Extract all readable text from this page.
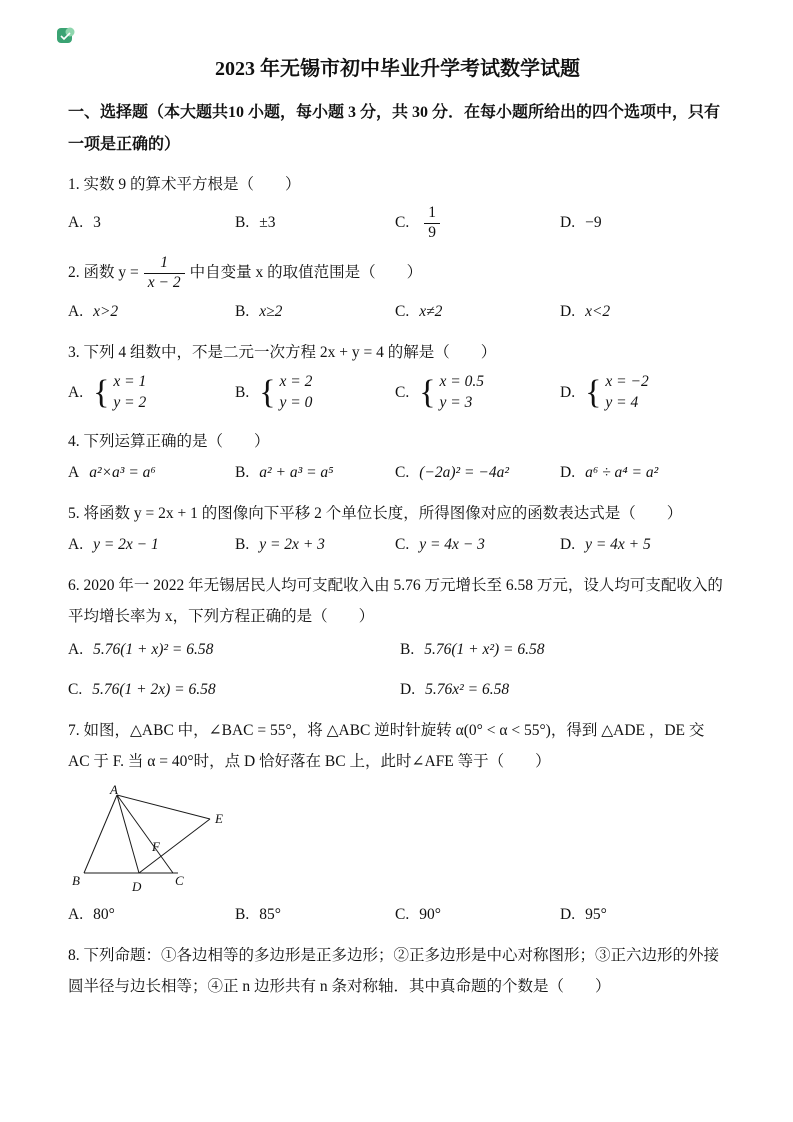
2023 年无锡市初中毕业升学考试数学试题

一、选择题（本大题共10 小题，每小题 3 分，共 30 分．在每小题所给出的四个选项中，只有一项是正确的）

1. 实数 9 的算术平方根是（　　）

A. 3	B. ±3	C. $\frac{1}{9}$	D. −9

2. 函数 $y = \frac{1}{x - 2}$ 中自变量 x 的取值范围是（　　）

A. x>2	B. x≥2	C. x≠2	D. x<2

3. 下列 4 组数中，不是二元一次方程 2x + y = 4 的解是（　　）

A. { x = 1
y = 2
B. { x = 2
y = 0
C. { x = 0.5
y = 3
D. { x = −2
y = 4

4. 下列运算正确的是（　　）

A a²×a³ = a⁶	B. a² + a³ = a⁵	C. (−2a)² = −4a²	D. a⁶ ÷ a⁴ = a²

5. 将函数 y = 2x + 1 的图像向下平移 2 个单位长度，所得图像对应的函数表达式是（　　）

A. y = 2x − 1	B. y = 2x + 3	C. y = 4x − 3	D. y = 4x + 5

6. 2020 年一 2022 年无锡居民人均可支配收入由 5.76 万元增长至 6.58 万元，设人均可支配收入的平均增长率为 x，下列方程正确的是（　　）

A. 5.76(1 + x)² = 6.58	B. 5.76(1 + x²) = 6.58
C. 5.76(1 + 2x) = 6.58	D. 5.76x² = 6.58

7. 如图，△ABC 中，∠BAC = 55°，将 △ABC 逆时针旋转 α(0° < α < 55°)，得到 △ADE ，DE 交 AC 于 F. 当 α = 40°时，点 D 恰好落在 BC 上，此时∠AFE 等于（　　）

A
B	C
D
E
F
A. 80°	B. 85°	C. 90°	D. 95°

8. 下列命题：①各边相等的多边形是正多边形；②正多边形是中心对称图形；③正六边形的外接圆半径与边长相等；④正 n 边形共有 n 条对称轴．其中真命题的个数是（　　）
